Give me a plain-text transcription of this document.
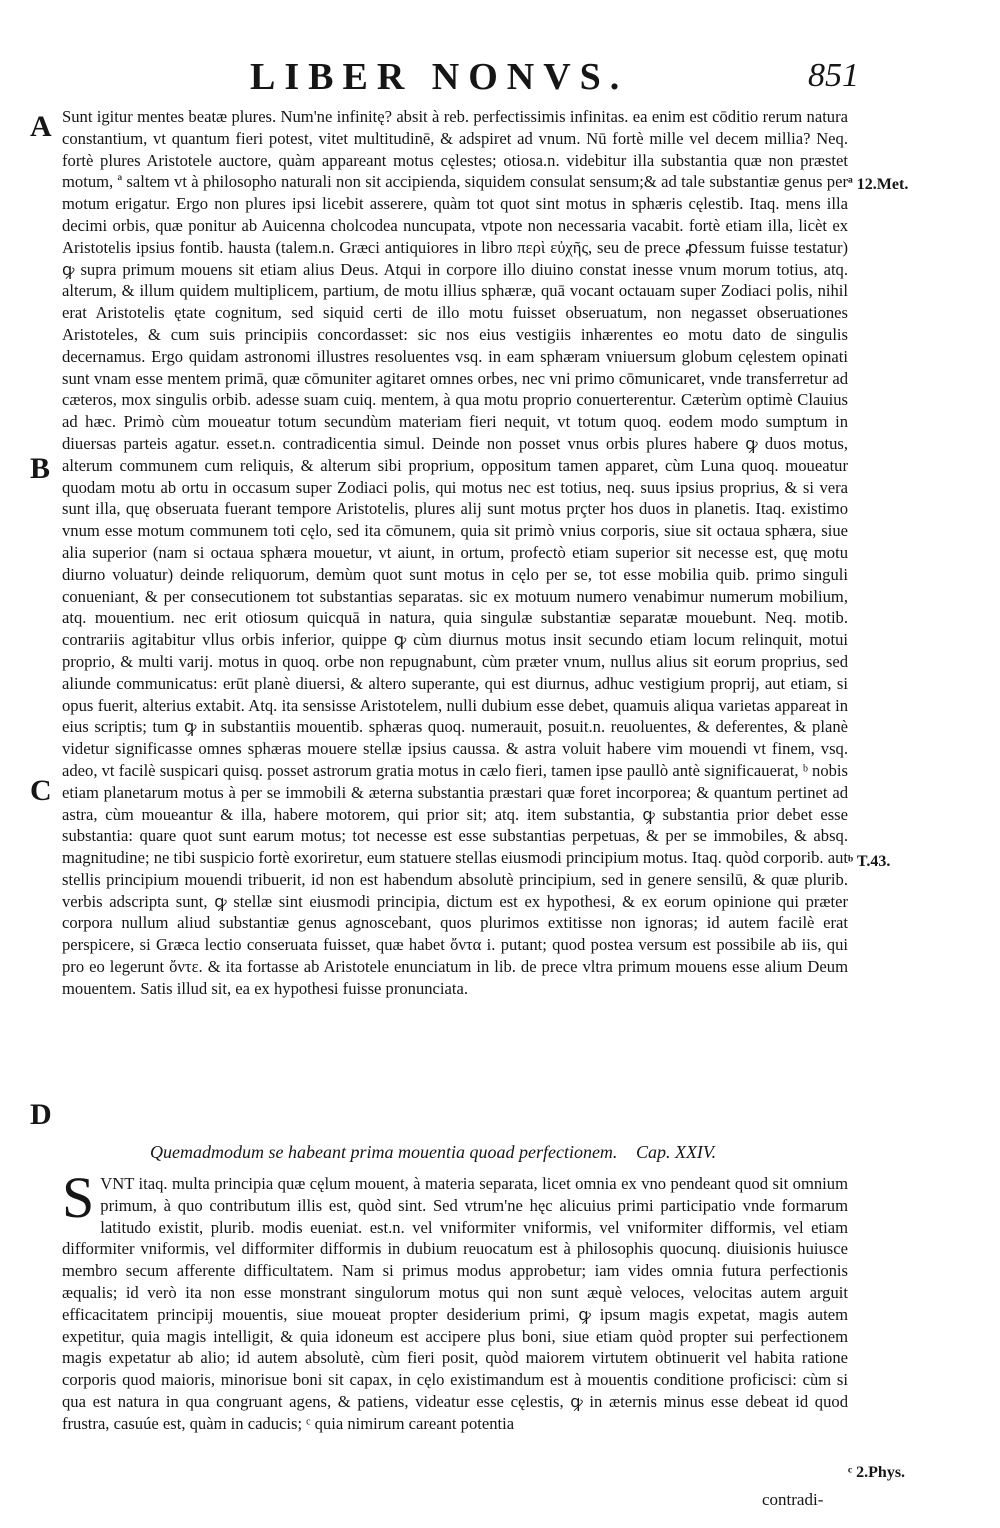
LIBER NONVS.	851
A
B
C
D
ª 12.Met.
ᵇ T.43.
ᶜ 2.Phys.
Sunt igitur mentes beatæ plures. Num'ne infinitę? absit à reb. perfectissimis infinitas. ea enim est cōditio rerum natura constantium, vt quantum fieri potest, vitet multitudinē, & adspiret ad vnum. Nū fortè mille vel decem millia? Neq. fortè plures Aristotele auctore, quàm appareant motus cęlestes; otiosa.n. videbitur illa substantia quæ non præstet motum, ª saltem vt à philosopho naturali non sit accipienda, siquidem consulat sensum;& ad tale substantiæ genus per motum erigatur. Ergo non plures ipsi licebit asserere, quàm tot quot sint motus in sphæris cęlestib. Itaq. mens illa decimi orbis, quæ ponitur ab Auicenna cholcodea nuncupata, vtpote non necessaria vacabit. fortè etiam illa, licèt ex Aristotelis ipsius fontib. hausta (talem.n. Græci antiquiores in libro περὶ εὐχῆς, seu de prece ꝓfessum fuisse testatur) ꝙ supra primum mouens sit etiam alius Deus. Atqui in corpore illo diuino constat inesse vnum morum totius, atq. alterum, & illum quidem multiplicem, partium, de motu illius sphæræ, quā vocant octauam super Zodiaci polis, nihil erat Aristotelis ętate cognitum, sed siquid certi de illo motu fuisset obseruatum, non negasset obseruationes Aristoteles, & cum suis principiis concordasset: sic nos eius vestigiis inhærentes eo motu dato de singulis decernamus. Ergo quidam astronomi illustres resoluentes vsq. in eam sphæram vniuersum globum cęlestem opinati sunt vnam esse mentem primā, quæ cōmuniter agitaret omnes orbes, nec vni primo cōmunicaret, vnde transferretur ad cæteros, mox singulis orbib. adesse suam cuiq. mentem, à qua motu proprio conuerterentur. Cæterùm optimè Clauius ad hæc. Primò cùm moueatur totum secundùm materiam fieri nequit, vt totum quoq. eodem modo sumptum in diuersas parteis agatur. esset.n. contradicentia simul. Deinde non posset vnus orbis plures habere ꝙ duos motus, alterum communem cum reliquis, & alterum sibi proprium, oppositum tamen apparet, cùm Luna quoq. moueatur quodam motu ab ortu in occasum super Zodiaci polis, qui motus nec est totius, neq. suus ipsius proprius, & si vera sunt illa, quę obseruata fuerant tempore Aristotelis, plures alij sunt motus prçter hos duos in planetis. Itaq. existimo vnum esse motum communem toti cęlo, sed ita cōmunem, quia sit primò vnius corporis, siue sit octaua sphæra, siue alia superior (nam si octaua sphæra mouetur, vt aiunt, in ortum, profectò etiam superior sit necesse est, quę motu diurno voluatur) deinde reliquorum, demùm quot sunt motus in cęlo per se, tot esse mobilia quib. primo singuli conueniant, & per consecutionem tot substantias separatas. sic ex motuum numero venabimur numerum mobilium, atq. mouentium. nec erit otiosum quicquā in natura, quia singulæ substantiæ separatæ mouebunt. Neq. motib. contrariis agitabitur vllus orbis inferior, quippe ꝙ cùm diurnus motus insit secundo etiam locum relinquit, motui proprio, & multi varij. motus in quoq. orbe non repugnabunt, cùm præter vnum, nullus alius sit eorum proprius, sed aliunde communicatus: erūt planè diuersi, & altero superante, qui est diurnus, adhuc vestigium proprij, aut etiam, si opus fuerit, alterius extabit. Atq. ita sensisse Aristotelem, nulli dubium esse debet, quamuis aliqua varietas appareat in eius scriptis; tum ꝙ in substantiis mouentib. sphæras quoq. numerauit, posuit.n. reuoluentes, & deferentes, & planè videtur significasse omnes sphæras mouere stellæ ipsius caussa. & astra voluit habere vim mouendi vt finem, vsq. adeo, vt facilè suspicari quisq. posset astrorum gratia motus in cælo fieri, tamen ipse paullò antè significauerat, ᵇ nobis etiam planetarum motus à per se immobili & æterna substantia præstari quæ foret incorporea; & quantum pertinet ad astra, cùm moueantur & illa, habere motorem, qui prior sit; atq. item substantia, ꝙ substantia prior debet esse substantia: quare quot sunt earum motus; tot necesse est esse substantias perpetuas, & per se immobiles, & absq. magnitudine; ne tibi suspicio fortè exoriretur, eum statuere stellas eiusmodi principium motus. Itaq. quòd corporib. aut stellis principium mouendi tribuerit, id non est habendum absolutè principium, sed in genere sensilū, & quæ plurib. verbis adscripta sunt, ꝙ stellæ sint eiusmodi principia, dictum est ex hypothesi, & ex eorum opinione qui præter corpora nullum aliud substantiæ genus agnoscebant, quos plurimos extitisse non ignoras; id autem facilè erat perspicere, si Græca lectio conseruata fuisset, quæ habet ὄντα i. putant; quod postea versum est possibile ab iis, qui pro eo legerunt ὄντε. & ita fortasse ab Aristotele enunciatum in lib. de prece vltra primum mouens esse alium Deum mouentem. Satis illud sit, ea ex hypothesi fuisse pronunciata.
Quemadmodum se habeant prima mouentia quoad perfectionem. Cap. XXIV.
SVNT itaq. multa principia quæ cęlum mouent, à materia separata, licet omnia ex vno pendeant quod sit omnium primum, à quo contributum illis est, quòd sint. Sed vtrum'ne hęc alicuius primi participatio vnde formarum latitudo existit, plurib. modis eueniat. est.n. vel vniformiter vniformis, vel vniformiter difformis, vel etiam difformiter vniformis, vel difformiter difformis in dubium reuocatum est à philosophis quocunq. diuisionis huiusce membro secum afferente difficultatem. Nam si primus modus approbetur; iam vides omnia futura perfectionis æqualis; id verò ita non esse monstrant singulorum motus qui non sunt æquè veloces, velocitas autem arguit efficacitatem principij mouentis, siue moueat propter desiderium primi, ꝙ ipsum magis expetat, magis autem expetitur, quia magis intelligit, & quia idoneum est accipere plus boni, siue etiam quòd propter sui perfectionem magis expetatur ab alio; id autem absolutè, cùm fieri posit, quòd maiorem virtutem obtinuerit vel habita ratione corporis quod maioris, minorisue boni sit capax, in cęlo existimandum est à mouentis conditione proficisci: cùm si qua est natura in qua congruant agens, & patiens, videatur esse cęlestis, ꝙ in æternis minus esse debeat id quod frustra, casuúe est, quàm in caducis; ᶜ quia nimirum careant potentia
contradi-
